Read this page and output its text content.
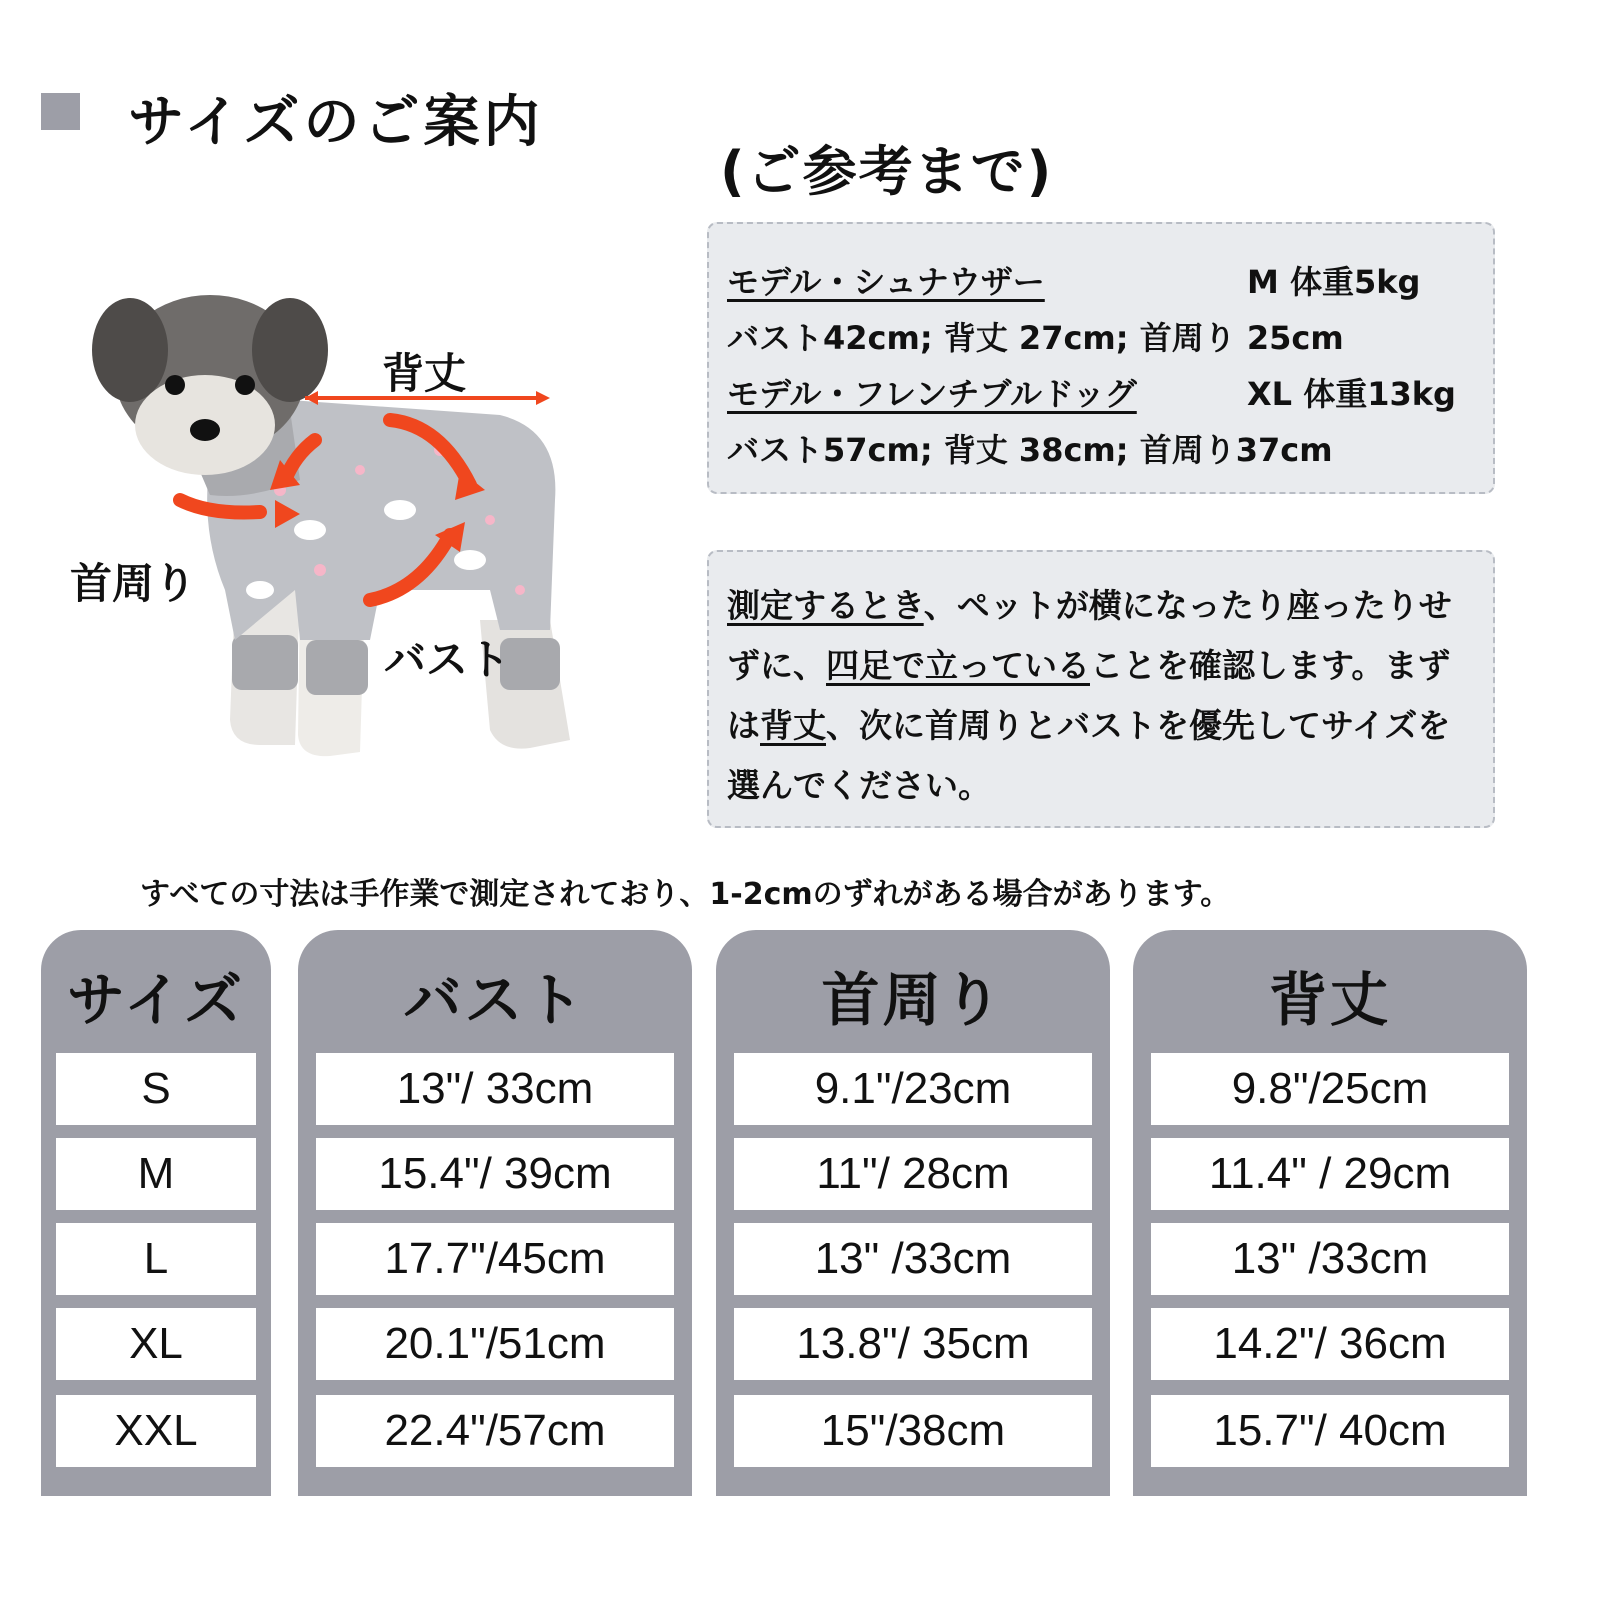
サイズのご案内
(ご参考まで)
背丈
首周り
バスト
モデル・シュナウザー	M 体重5kg
バスト42cm; 背丈 27cm; 首周り 25cm
モデル・フレンチブルドッグ	XL 体重13kg
バスト57cm; 背丈 38cm; 首周り37cm
測定するとき、ペットが横になったり座ったりせずに、四足で立っていることを確認します。まずは背丈、次に首周りとバストを優先してサイズを選んでください。
すべての寸法は手作業で測定されており、1-2cmのずれがある場合があります。
サイズ
S
M
L
XL
XXL
バスト
13"/ 33cm
15.4"/ 39cm
17.7"/45cm
20.1"/51cm
22.4"/57cm
首周り
9.1"/23cm
11"/ 28cm
13" /33cm
13.8"/ 35cm
15"/38cm
背丈
9.8"/25cm
11.4" / 29cm
13" /33cm
14.2"/ 36cm
15.7"/ 40cm
